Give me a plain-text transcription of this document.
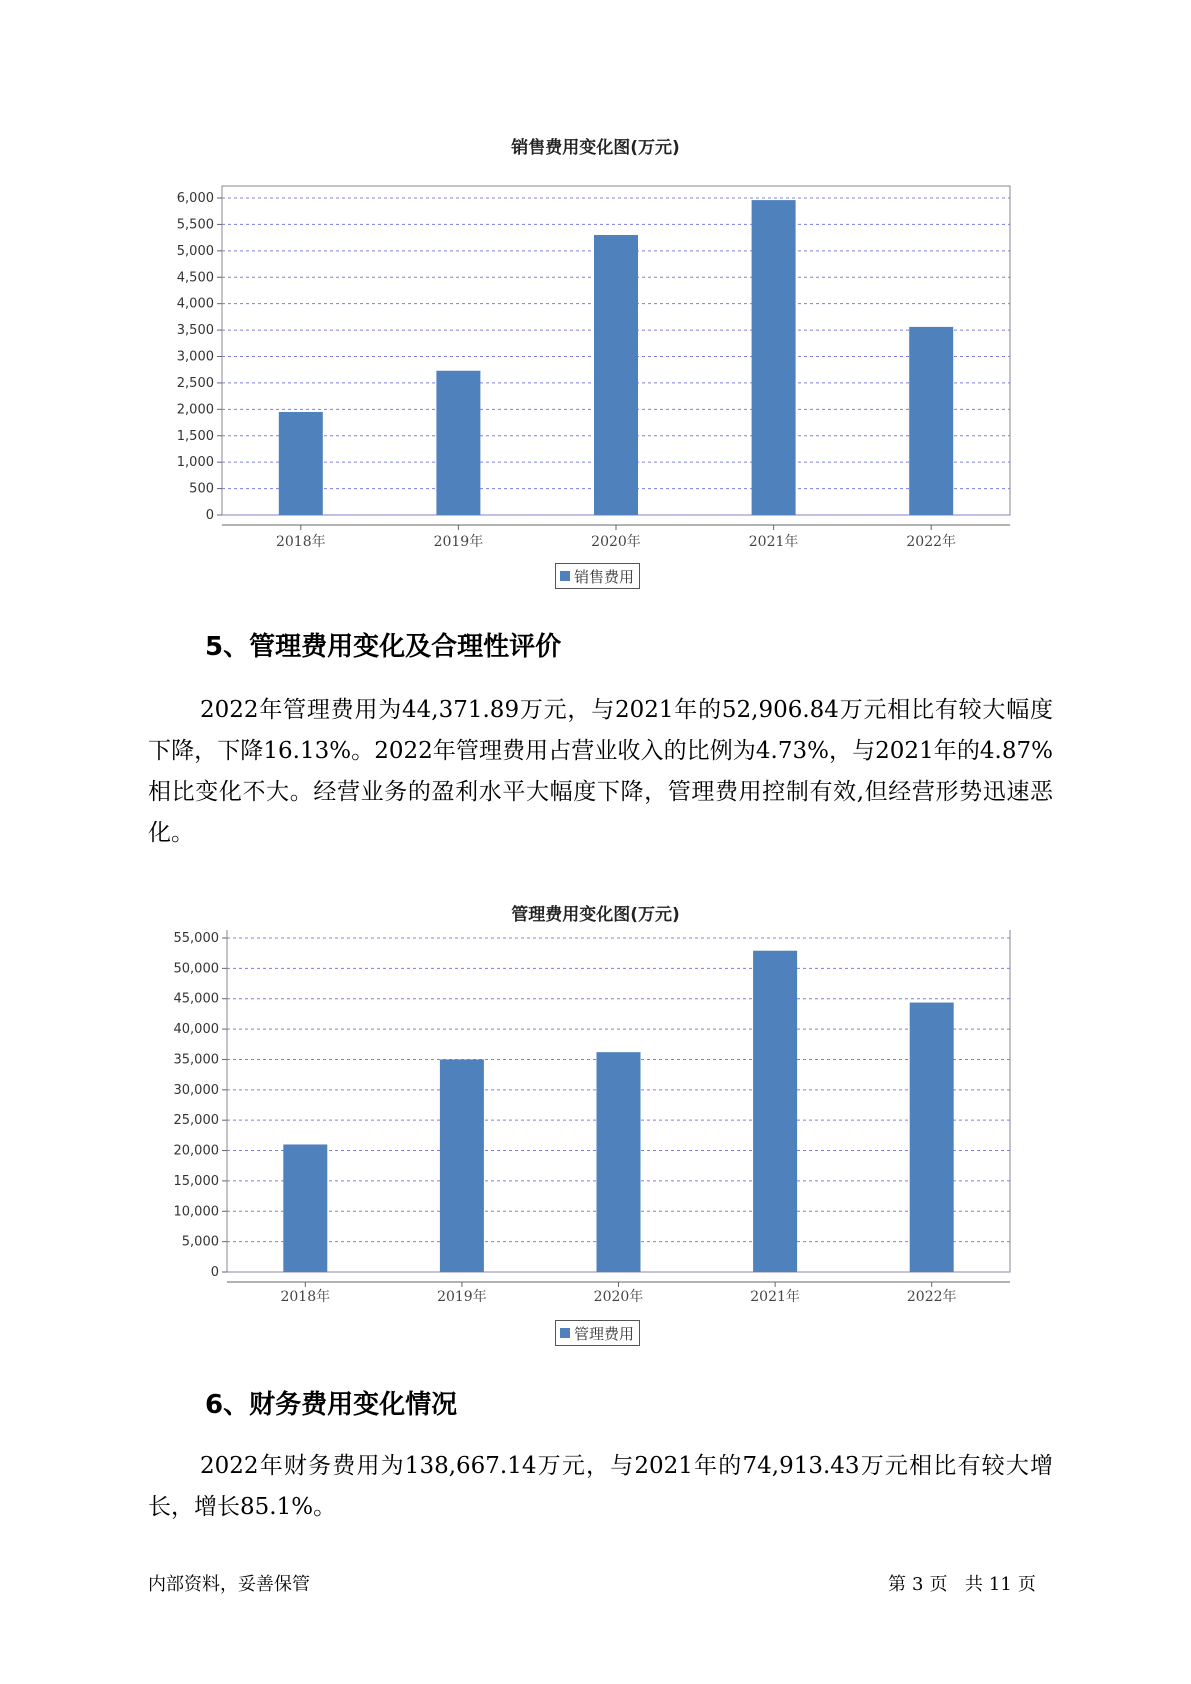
销售费用变化图(万元)
0
500
1,000
1,500
2,000
2,500
3,000
3,500
4,000
4,500
5,000
5,500
6,000
2018年	2019年	2020年	2021年	2022年
销售费用
5、管理费用变化及合理性评价
2022年管理费用为44,371.89万元，与2021年的52,906.84万元相比有较大幅度下降，下降16.13%。2022年管理费用占营业收入的比例为4.73%，与2021年的4.87%相比变化不大。经营业务的盈利水平大幅度下降，管理费用控制有效,但经营形势迅速恶化。
管理费用变化图(万元)
0
5,000
10,000
15,000
20,000
25,000
30,000
35,000
40,000
45,000
50,000
55,000
2018年	2019年	2020年	2021年	2022年
管理费用
6、财务费用变化情况
2022年财务费用为138,667.14万元，与2021年的74,913.43万元相比有较大增长，增长85.1%。
内部资料，妥善保管	第 3 页 共 11 页
